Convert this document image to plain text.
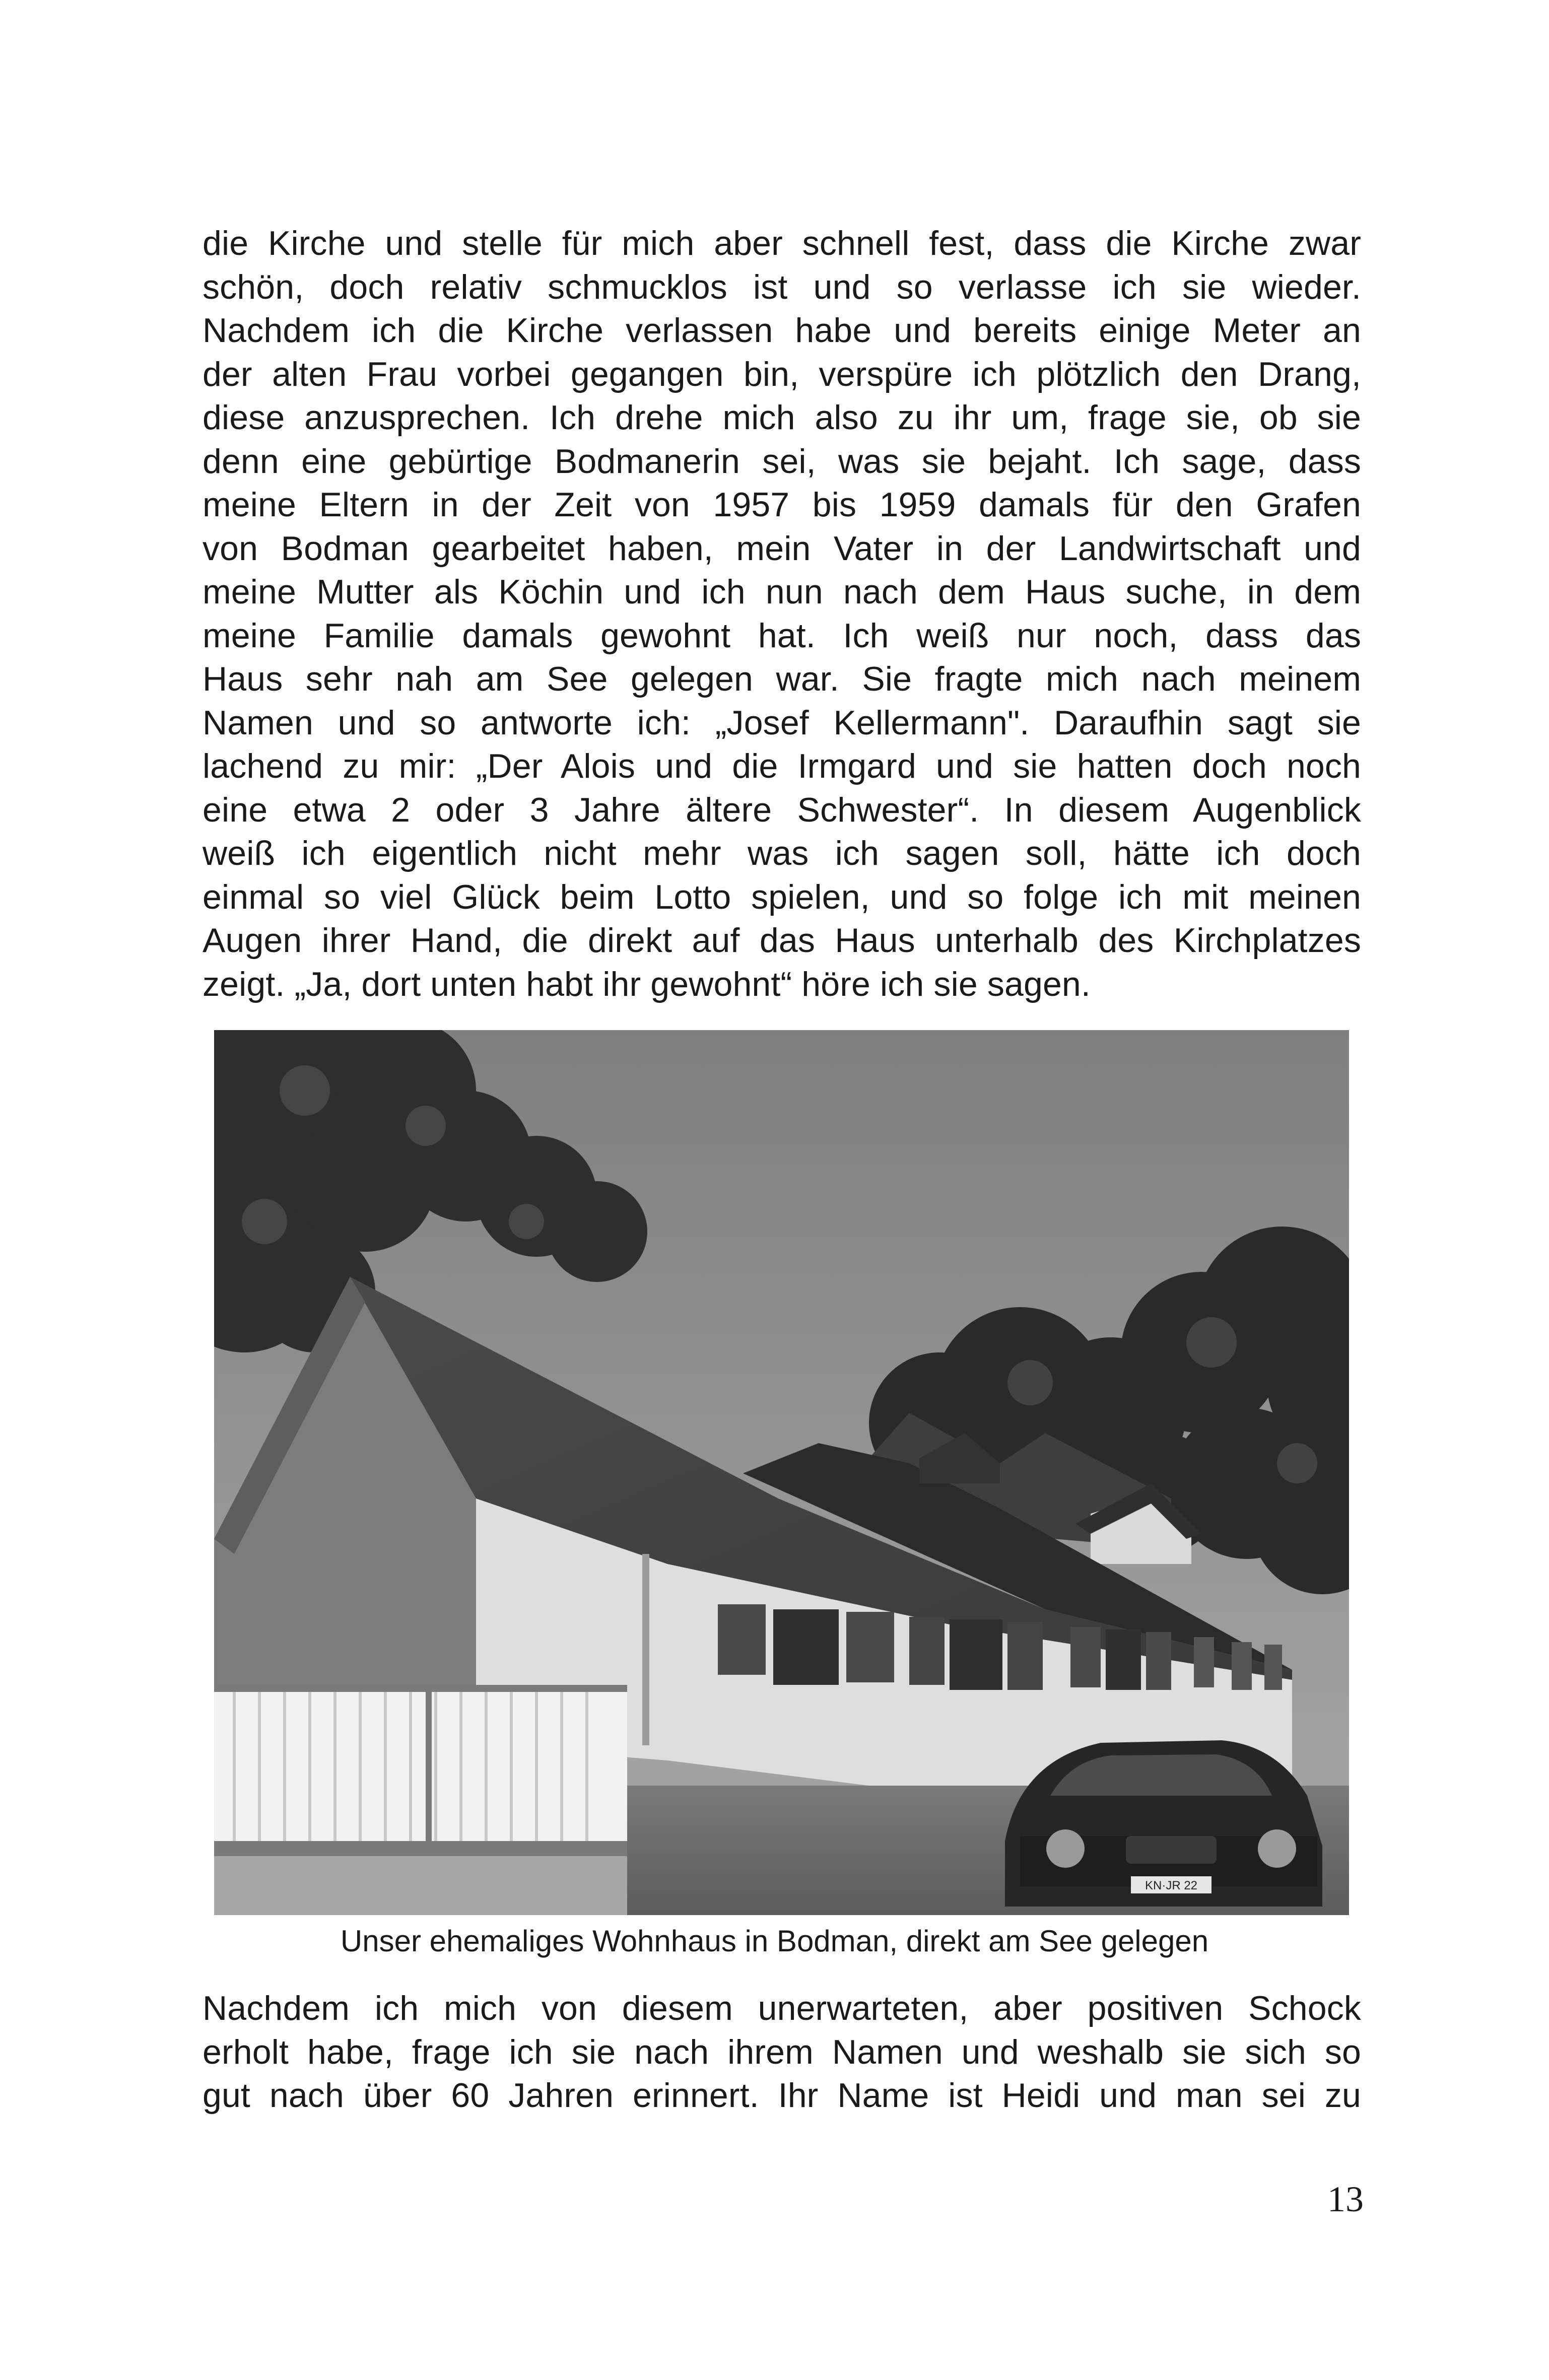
die Kirche und stelle für mich aber schnell fest, dass die Kirche zwar
schön, doch relativ schmucklos ist und so verlasse ich sie wieder.
Nachdem ich die Kirche verlassen habe und bereits einige Meter an
der alten Frau vorbei gegangen bin, verspüre ich plötzlich den Drang,
diese anzusprechen. Ich drehe mich also zu ihr um, frage sie, ob sie
denn eine gebürtige Bodmanerin sei, was sie bejaht. Ich sage, dass
meine Eltern in der Zeit von 1957 bis 1959 damals für den Grafen
von Bodman gearbeitet haben, mein Vater in der Landwirtschaft und
meine Mutter als Köchin und ich nun nach dem Haus suche, in dem
meine Familie damals gewohnt hat. Ich weiß nur noch, dass das
Haus sehr nah am See gelegen war. Sie fragte mich nach meinem
Namen und so antworte ich: „Josef Kellermann". Daraufhin sagt sie
lachend zu mir: „Der Alois und die Irmgard und sie hatten doch noch
eine etwa 2 oder 3 Jahre ältere Schwester“. In diesem Augenblick
weiß ich eigentlich nicht mehr was ich sagen soll, hätte ich doch
einmal so viel Glück beim Lotto spielen, und so folge ich mit meinen
Augen ihrer Hand, die direkt auf das Haus unterhalb des Kirchplatzes
zeigt. „Ja, dort unten habt ihr gewohnt“ höre ich sie sagen.
KN·JR 22
Unser ehemaliges Wohnhaus in Bodman, direkt am See gelegen
Nachdem ich mich von diesem unerwarteten, aber positiven Schock
erholt habe, frage ich sie nach ihrem Namen und weshalb sie sich so
gut nach über 60 Jahren erinnert. Ihr Name ist Heidi und man sei zu
13
